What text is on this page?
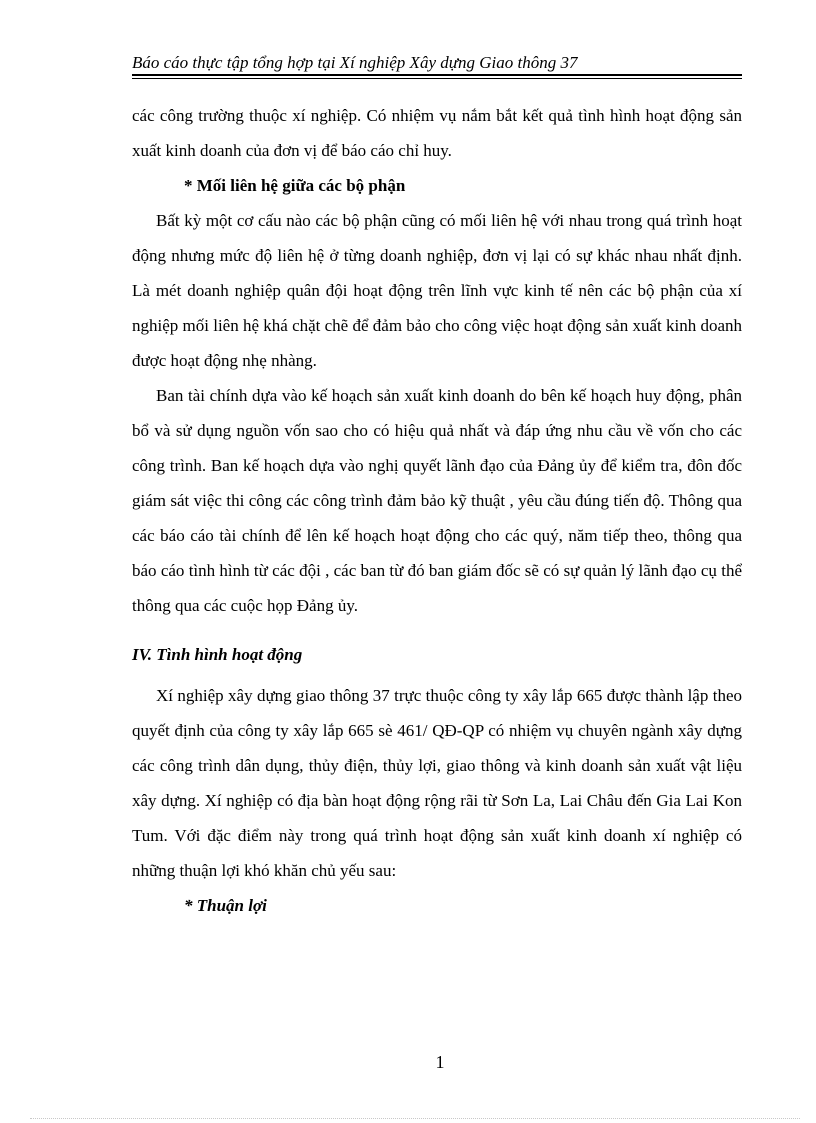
Báo cáo thực tập tổng hợp tại Xí nghiệp Xây dựng Giao thông 37

các công trường thuộc xí nghiệp. Có nhiệm vụ nắm bắt kết quả tình hình hoạt động sản xuất kinh doanh của đơn vị để báo cáo chỉ huy.

* Mối liên hệ giữa các bộ phận

Bất kỳ một cơ cấu nào các bộ phận cũng có mối liên hệ với nhau trong quá trình hoạt động nhưng mức độ liên hệ ở từng doanh nghiệp, đơn vị lại có sự khác nhau nhất định. Là mét doanh nghiệp quân đội hoạt động trên lĩnh vực kinh tế nên các bộ phận của xí nghiệp mối liên hệ khá chặt chẽ để đảm bảo cho công việc hoạt động sản xuất kinh doanh được hoạt động nhẹ nhàng.

Ban tài chính dựa vào kế hoạch sản xuất kinh doanh do bên kế hoạch huy động, phân bổ và sử dụng nguồn vốn sao cho có hiệu quả nhất và đáp ứng nhu cầu về vốn cho các công trình. Ban kế hoạch dựa vào nghị quyết lãnh đạo của Đảng ủy để kiểm tra, đôn đốc giám sát việc thi công các công trình đảm bảo kỹ thuật , yêu cầu đúng tiến độ. Thông qua các báo cáo tài chính để lên kế hoạch hoạt động cho các quý, năm tiếp theo, thông qua báo cáo tình hình từ các đội , các ban từ đó ban giám đốc sẽ có sự quản lý lãnh đạo cụ thể thông qua các cuộc họp Đảng ủy.

IV. Tình hình hoạt động

Xí nghiệp xây dựng giao thông 37 trực thuộc công ty xây lắp 665 được thành lập theo quyết định của công ty xây lắp 665 sè 461/ QĐ-QP có nhiệm vụ chuyên ngành xây dựng các công trình dân dụng, thủy điện, thủy lợi, giao thông và kinh doanh sản xuất vật liệu xây dựng. Xí nghiệp có địa bàn hoạt động rộng rãi từ Sơn La, Lai Châu đến Gia Lai Kon Tum. Với đặc điểm này trong quá trình hoạt động sản xuất kinh doanh xí nghiệp có những thuận lợi khó khăn chủ yếu sau:

* Thuận lợi

1
